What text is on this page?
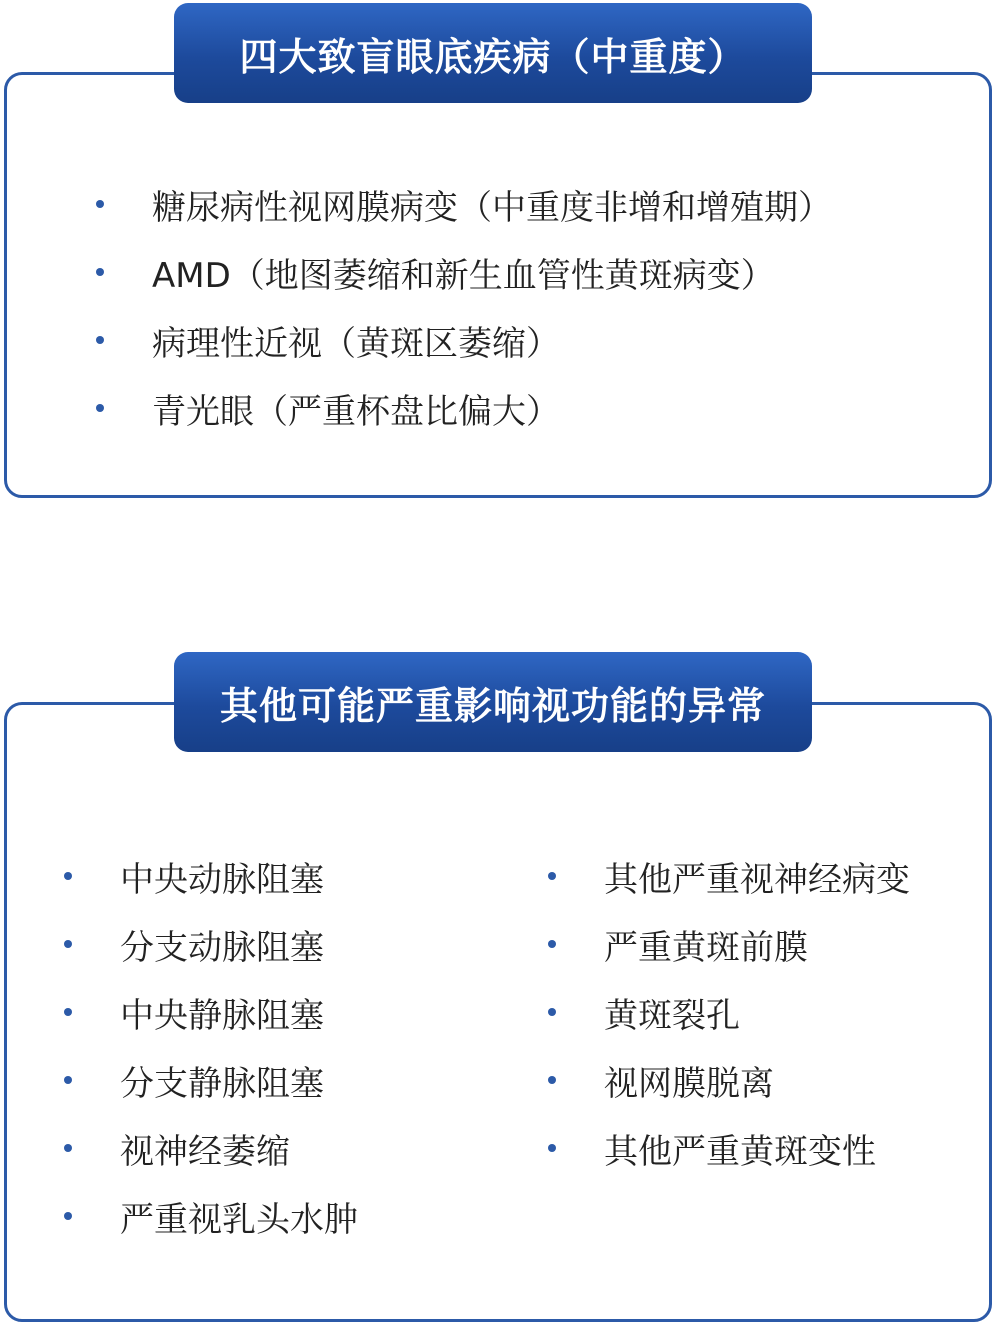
四大致盲眼底疾病（中重度）
糖尿病性视网膜病变（中重度非增和增殖期）
AMD（地图萎缩和新生血管性黄斑病变）
病理性近视（黄斑区萎缩）
青光眼（严重杯盘比偏大）
其他可能严重影响视功能的异常
中央动脉阻塞
分支动脉阻塞
中央静脉阻塞
分支静脉阻塞
视神经萎缩
严重视乳头水肿
其他严重视神经病变
严重黄斑前膜
黄斑裂孔
视网膜脱离
其他严重黄斑变性
